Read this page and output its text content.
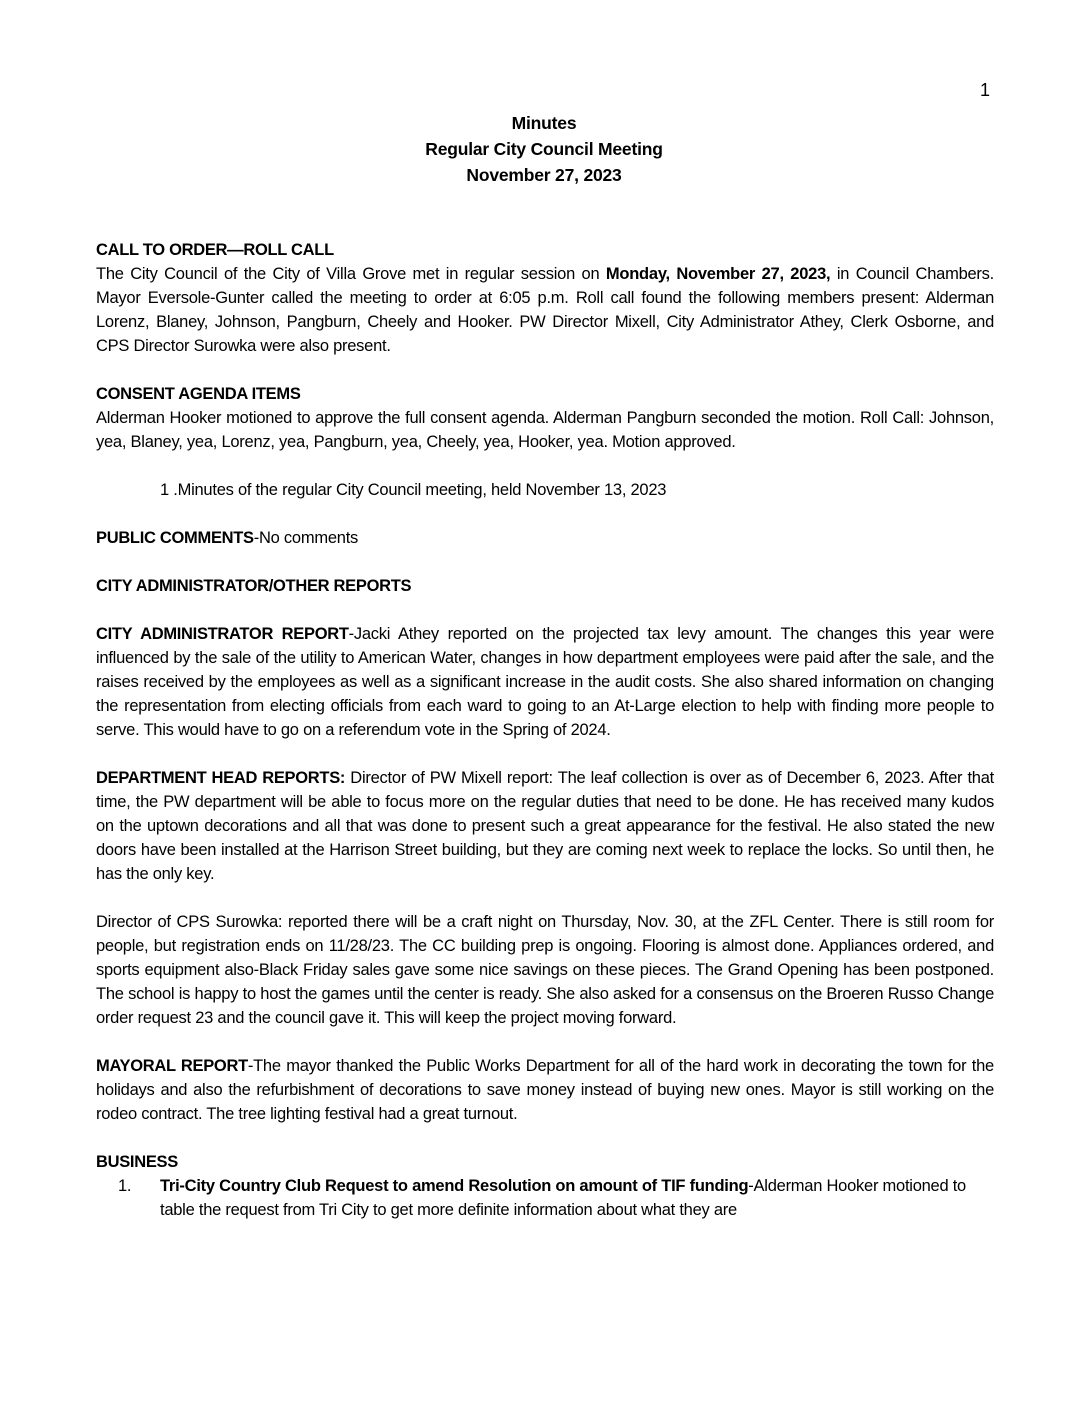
1
Minutes
Regular City Council Meeting
November 27, 2023

CALL TO ORDER—ROLL CALL

The City Council of the City of Villa Grove met in regular session on Monday, November 27, 2023, in Council Chambers. Mayor Eversole-Gunter called the meeting to order at 6:05 p.m. Roll call found the following members present: Alderman Lorenz, Blaney, Johnson, Pangburn, Cheely and Hooker. PW Director Mixell, City Administrator Athey, Clerk Osborne, and CPS Director Surowka were also present.

CONSENT AGENDA ITEMS

Alderman Hooker motioned to approve the full consent agenda. Alderman Pangburn seconded the motion. Roll Call: Johnson, yea, Blaney, yea, Lorenz, yea, Pangburn, yea, Cheely, yea, Hooker, yea. Motion approved.

1 .Minutes of the regular City Council meeting, held November 13, 2023

PUBLIC COMMENTS-No comments

CITY ADMINISTRATOR/OTHER REPORTS

CITY ADMINISTRATOR REPORT-Jacki Athey reported on the projected tax levy amount. The changes this year were influenced by the sale of the utility to American Water, changes in how department employees were paid after the sale, and the raises received by the employees as well as a significant increase in the audit costs. She also shared information on changing the representation from electing officials from each ward to going to an At-Large election to help with finding more people to serve. This would have to go on a referendum vote in the Spring of 2024.

DEPARTMENT HEAD REPORTS: Director of PW Mixell report: The leaf collection is over as of December 6, 2023. After that time, the PW department will be able to focus more on the regular duties that need to be done. He has received many kudos on the uptown decorations and all that was done to present such a great appearance for the festival. He also stated the new doors have been installed at the Harrison Street building, but they are coming next week to replace the locks. So until then, he has the only key.

Director of CPS Surowka: reported there will be a craft night on Thursday, Nov. 30, at the ZFL Center. There is still room for people, but registration ends on 11/28/23. The CC building prep is ongoing. Flooring is almost done. Appliances ordered, and sports equipment also-Black Friday sales gave some nice savings on these pieces. The Grand Opening has been postponed. The school is happy to host the games until the center is ready. She also asked for a consensus on the Broeren Russo Change order request 23 and the council gave it. This will keep the project moving forward.

MAYORAL REPORT-The mayor thanked the Public Works Department for all of the hard work in decorating the town for the holidays and also the refurbishment of decorations to save money instead of buying new ones. Mayor is still working on the rodeo contract. The tree lighting festival had a great turnout.

BUSINESS

1. Tri-City Country Club Request to amend Resolution on amount of TIF funding-Alderman Hooker motioned to table the request from Tri City to get more definite information about what they are
